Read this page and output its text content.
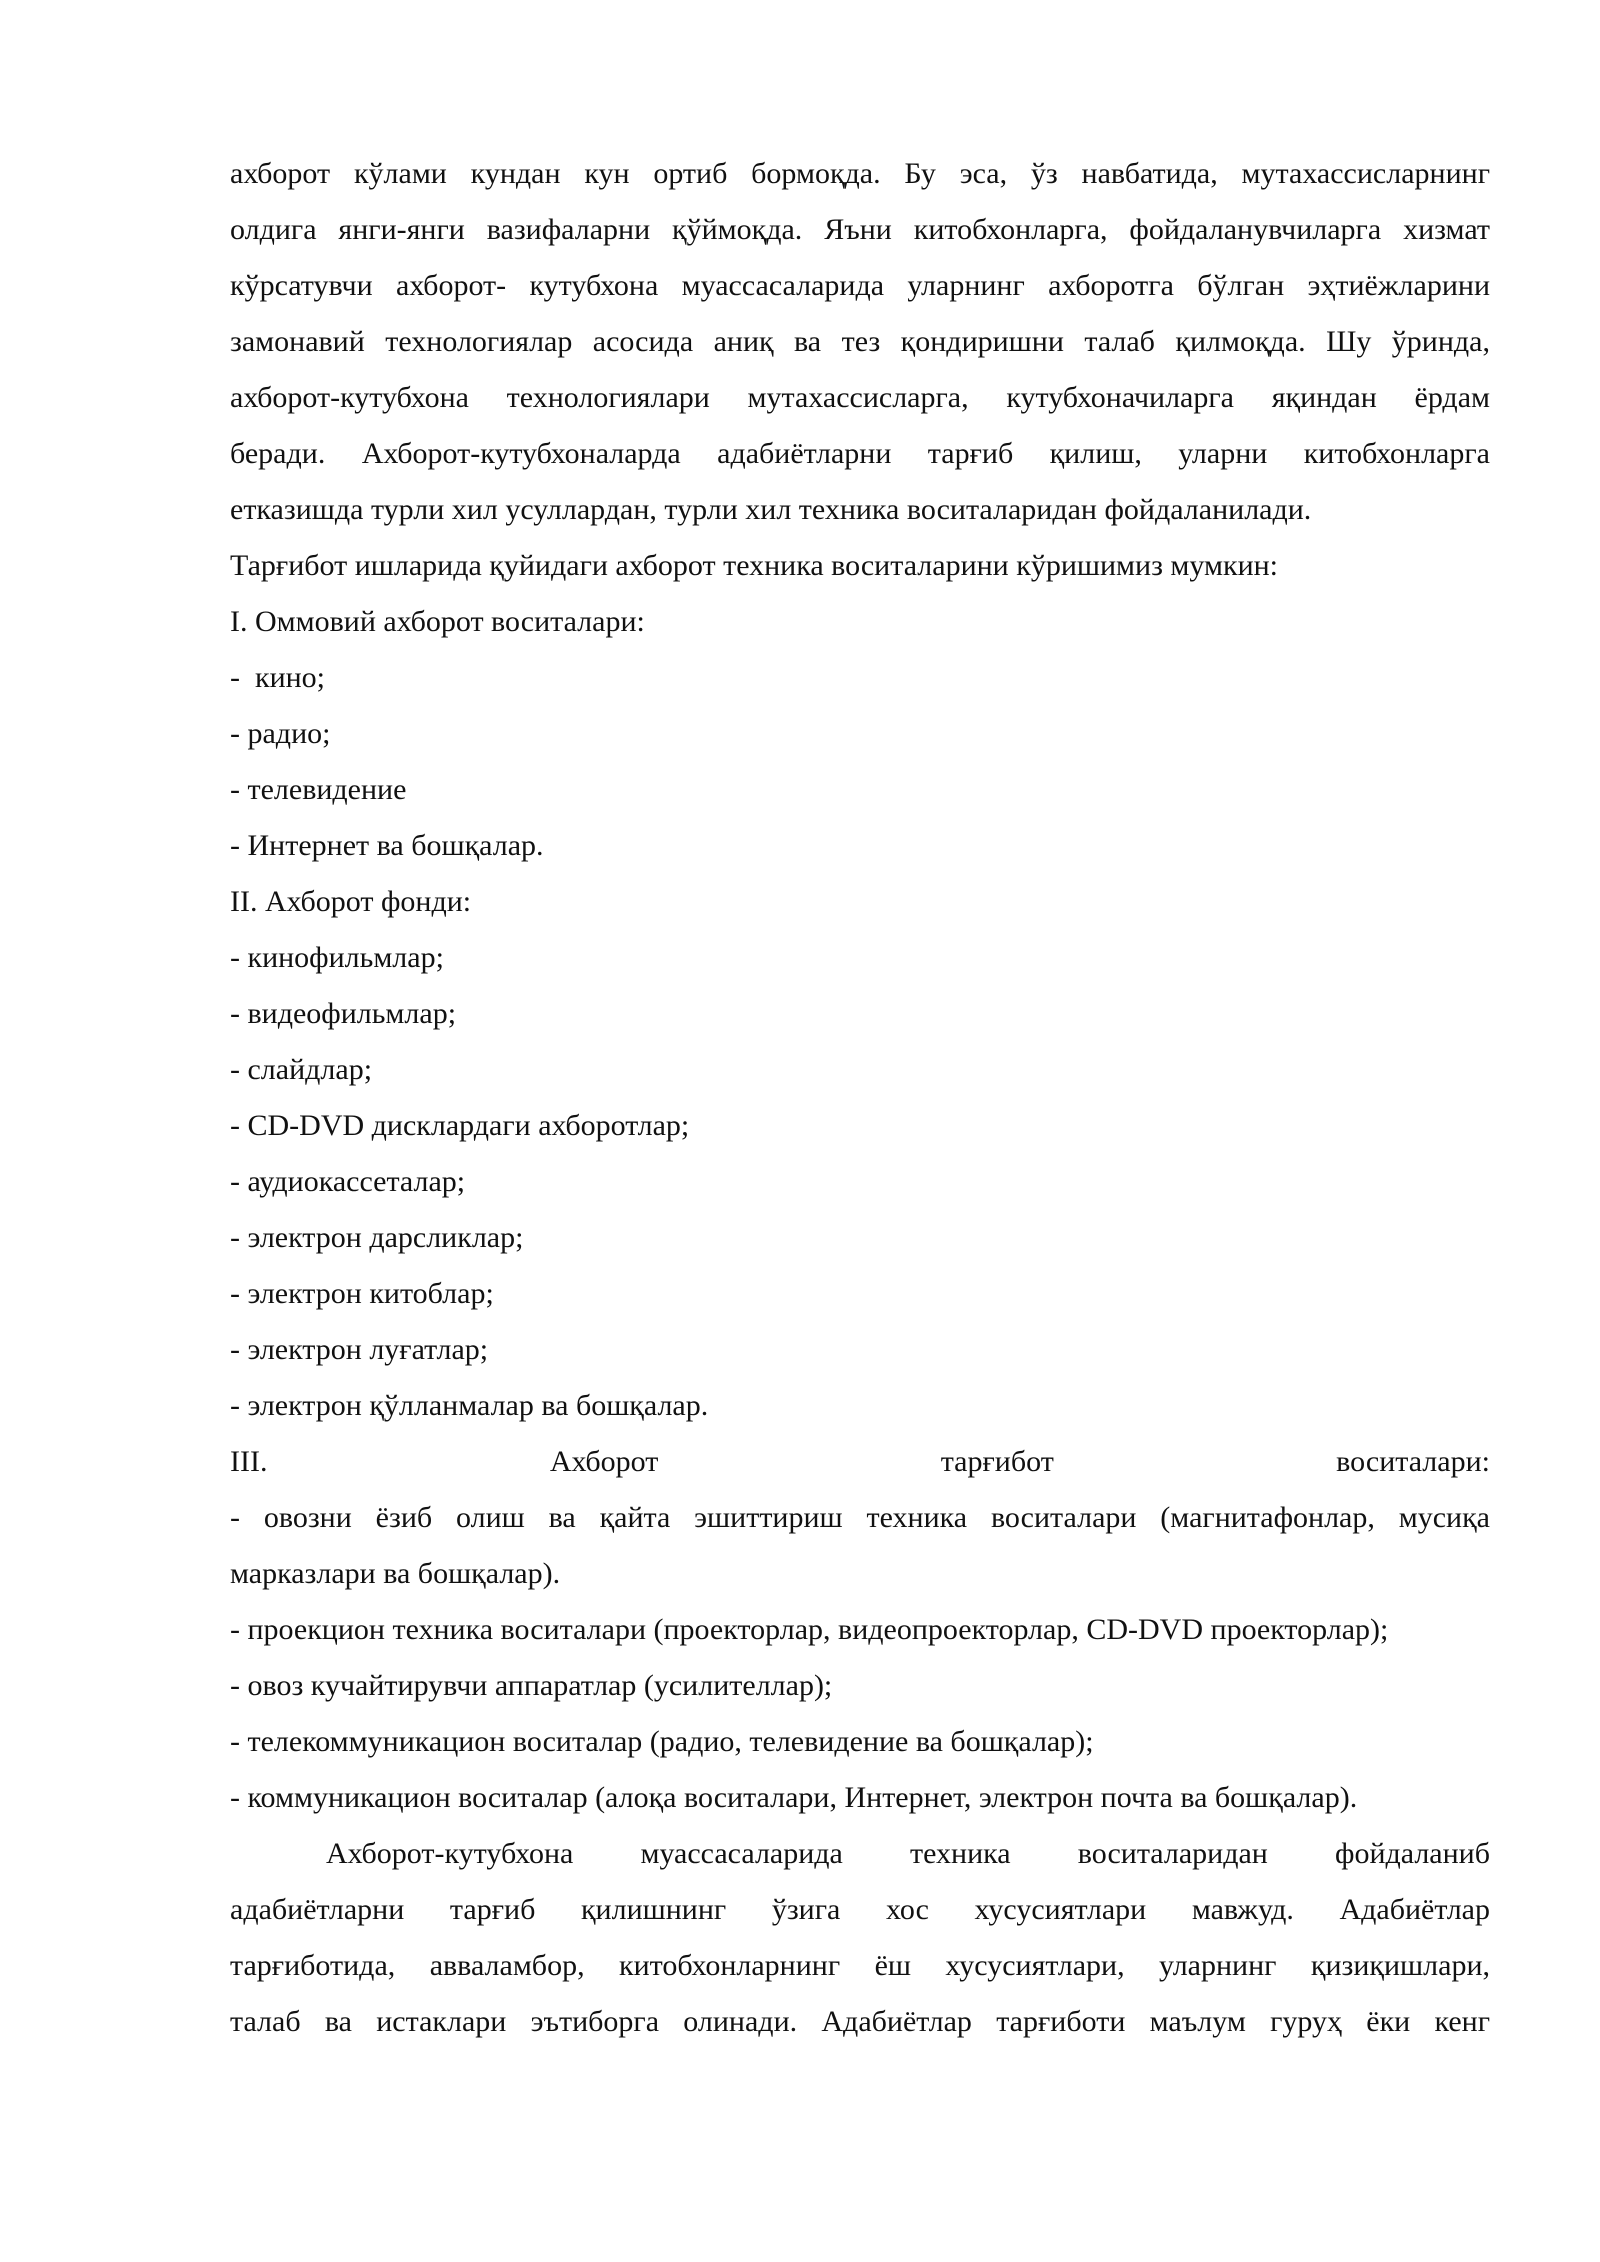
ахборот кўлами кундан кун ортиб бормоқда. Бу эса, ўз навбатида, мутахассисларнинг
олдига янги-янги вазифаларни қўймоқда. Яъни китобхонларга, фойдаланувчиларга хизмат
кўрсатувчи ахборот- кутубхона муассасаларида уларнинг ахборотга бўлган эҳтиёжларини
замонавий технологиялар асосида аниқ ва тез қондиришни талаб қилмоқда. Шу ўринда,
ахборот-кутубхона технологиялари мутахассисларга, кутубхоначиларга яқиндан ёрдам
беради. Ахборот-кутубхоналарда адабиётларни тарғиб қилиш, уларни китобхонларга
етказишда турли хил усуллардан, турли хил техника воситаларидан фойдаланилади.
Тарғибот ишларида қуйидаги ахборот техника воситаларини кўришимиз мумкин:
I. Оммовий ахборот воситалари:
-  кино;
- радио;
- телевидение
- Интернет ва бошқалар.
II. Ахборот фонди:
- кинофильмлар;
- видеофильмлар;
- слайдлар;
- CD-DVD дисклардаги ахборотлар;
- аудиокассеталар;
- электрон дарсликлар;
- электрон китоблар;
- электрон луғатлар;
- электрон қўлланмалар ва бошқалар.
III.	Ахборот	тарғибот	воситалари:
- овозни ёзиб олиш ва қайта эшиттириш техника воситалари (магнитафонлар, мусиқа
марказлари ва бошқалар).
- проекцион техника воситалари (проекторлар, видеопроекторлар, CD-DVD проекторлар);
- овоз кучайтирувчи аппаратлар (усилителлар);
- телекоммуникацион воситалар (радио, телевидение ва бошқалар);
- коммуникацион воситалар (алоқа воситалари, Интернет, электрон почта ва бошқалар).
Ахборот-кутубхона муассасаларида техника воситаларидан фойдаланиб
адабиётларни тарғиб қилишнинг ўзига хос хусусиятлари мавжуд. Адабиётлар
тарғиботида, авваламбор, китобхонларнинг ёш хусусиятлари, уларнинг қизиқишлари,
талаб ва истаклари эътиборга олинади. Адабиётлар тарғиботи маълум гуруҳ ёки кенг
